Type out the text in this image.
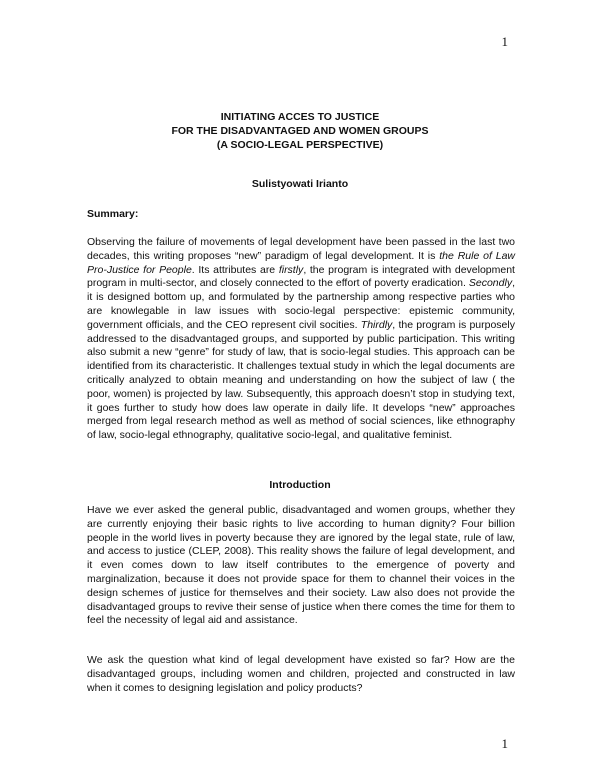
1
INITIATING ACCES TO JUSTICE
FOR THE DISADVANTAGED AND WOMEN GROUPS
(A SOCIO-LEGAL PERSPECTIVE)
Sulistyowati Irianto
Summary:

Observing the failure of movements of legal development have been passed in the last two decades, this writing proposes “new” paradigm of legal development. It is the Rule of Law Pro-Justice for People. Its attributes are firstly, the program is integrated with development program in multi-sector, and closely connected to the effort of poverty eradication. Secondly, it is designed bottom up, and formulated by the partnership among respective parties who are knowlegable in law issues with socio-legal perspective: epistemic community, government officials, and the CEO represent civil socities. Thirdly, the program is purposely addressed to the disadvantaged groups, and supported by public participation. This writing also submit a new “genre” for study of law, that is socio-legal studies. This approach can be identified from its characteristic. It challenges textual study in which the legal documents are critically analyzed to obtain meaning and understanding on how the subject of law ( the poor, women) is projected by law. Subsequently, this approach doesn’t stop in studying text, it goes further to study how does law operate in daily life. It develops “new” approaches merged from legal research method as well as method of social sciences, like ethnography of law, socio-legal ethnography, qualitative socio-legal, and qualitative feminist.

Introduction

Have we ever asked the general public, disadvantaged and women groups, whether they are currently enjoying their basic rights to live according to human dignity? Four billion people in the world lives in poverty because they are ignored by the legal state, rule of law, and access to justice (CLEP, 2008). This reality shows the failure of legal development, and it even comes down to law itself contributes to the emergence of poverty and marginalization, because it does not provide space for them to channel their voices in the design schemes of justice for themselves and their society. Law also does not provide the disadvantaged groups to revive their sense of justice when there comes the time for them to feel the necessity of legal aid and assistance.

We ask the question what kind of legal development have existed so far? How are the disadvantaged groups, including women and children, projected and constructed in law when it comes to designing legislation and policy products?

1
